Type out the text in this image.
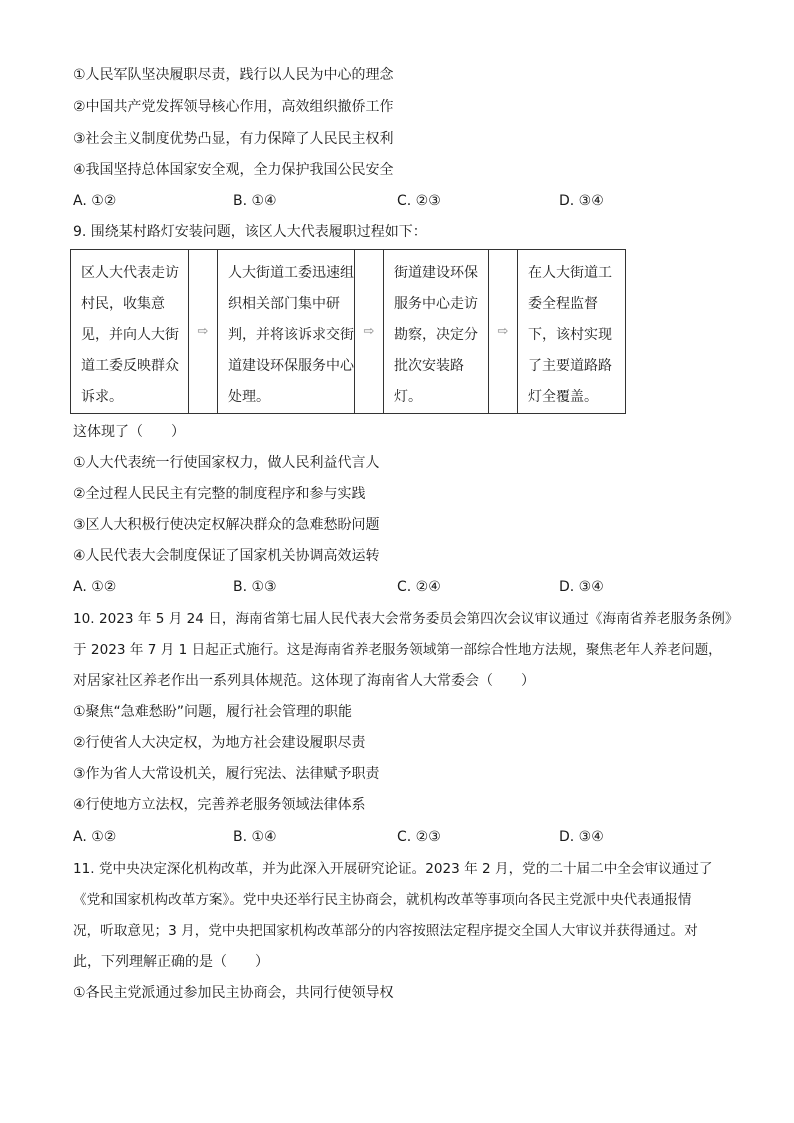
①人民军队坚决履职尽责，践行以人民为中心的理念
②中国共产党发挥领导核心作用，高效组织撤侨工作
③社会主义制度优势凸显，有力保障了人民民主权利
④我国坚持总体国家安全观，全力保护我国公民安全
A. ①②	B. ①④	C. ②③	D. ③④
9. 围绕某村路灯安装问题，该区人大代表履职过程如下：
区人大代表走访村民，收集意见，并向人大街道工委反映群众诉求。
⇨
人大街道工委迅速组织相关部门集中研判，并将该诉求交街道建设环保服务中心处理。
⇨
街道建设环保服务中心走访勘察，决定分批次安装路灯。
⇨
在人大街道工委全程监督下，该村实现了主要道路路灯全覆盖。
这体现了（　　）
①人大代表统一行使国家权力，做人民利益代言人
②全过程人民民主有完整的制度程序和参与实践
③区人大积极行使决定权解决群众的急难愁盼问题
④人民代表大会制度保证了国家机关协调高效运转
A. ①②	B. ①③	C. ②④	D. ③④
10. 2023 年 5 月 24 日，海南省第七届人民代表大会常务委员会第四次会议审议通过《海南省养老服务条例》
于 2023 年 7 月 1 日起正式施行。这是海南省养老服务领域第一部综合性地方法规，聚焦老年人养老问题，
对居家社区养老作出一系列具体规范。这体现了海南省人大常委会（　　）
①聚焦“急难愁盼”问题，履行社会管理的职能
②行使省人大决定权，为地方社会建设履职尽责
③作为省人大常设机关，履行宪法、法律赋予职责
④行使地方立法权，完善养老服务领域法律体系
A. ①②	B. ①④	C. ②③	D. ③④
11. 党中央决定深化机构改革，并为此深入开展研究论证。2023 年 2 月，党的二十届二中全会审议通过了
《党和国家机构改革方案》。党中央还举行民主协商会，就机构改革等事项向各民主党派中央代表通报情
况，听取意见；3 月，党中央把国家机构改革部分的内容按照法定程序提交全国人大审议并获得通过。对
此，下列理解正确的是（　　）
①各民主党派通过参加民主协商会，共同行使领导权
